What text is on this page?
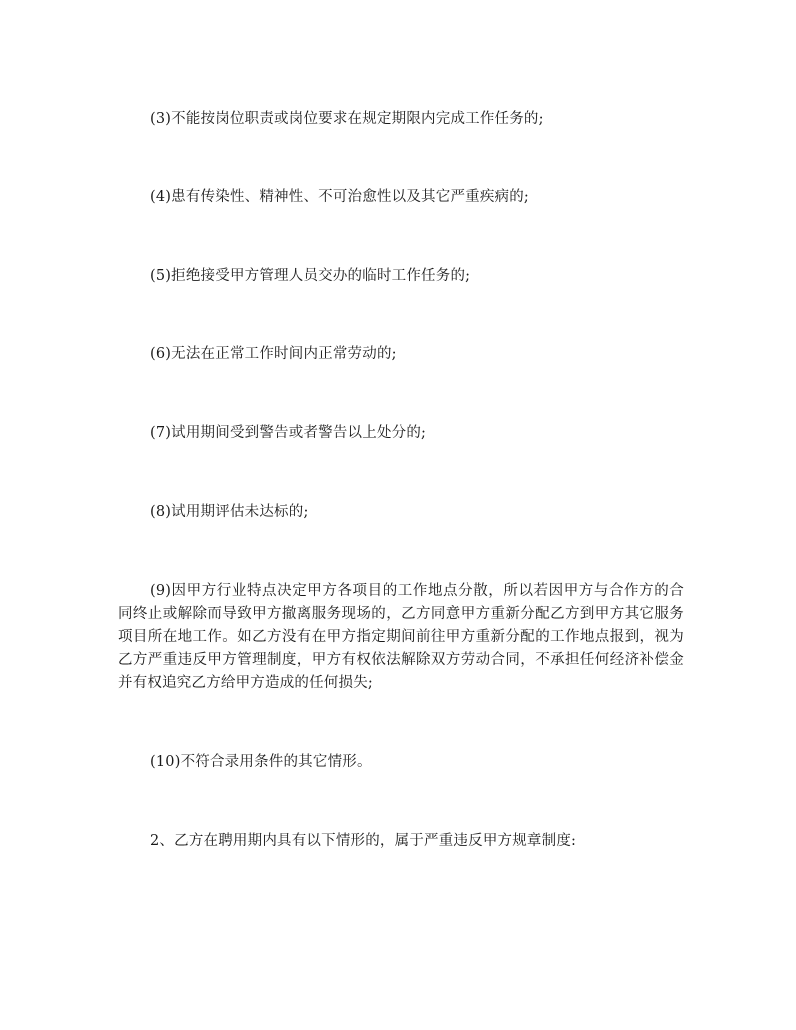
(3)不能按岗位职责或岗位要求在规定期限内完成工作任务的;

(4)患有传染性、精神性、不可治愈性以及其它严重疾病的;

(5)拒绝接受甲方管理人员交办的临时工作任务的;

(6)无法在正常工作时间内正常劳动的;

(7)试用期间受到警告或者警告以上处分的;

(8)试用期评估未达标的;

(9)因甲方行业特点决定甲方各项目的工作地点分散，所以若因甲方与合作方的合同终止或解除而导致甲方撤离服务现场的，乙方同意甲方重新分配乙方到甲方其它服务项目所在地工作。如乙方没有在甲方指定期间前往甲方重新分配的工作地点报到，视为乙方严重违反甲方管理制度，甲方有权依法解除双方劳动合同，不承担任何经济补偿金并有权追究乙方给甲方造成的任何损失;

(10)不符合录用条件的其它情形。

2、乙方在聘用期内具有以下情形的，属于严重违反甲方规章制度:
